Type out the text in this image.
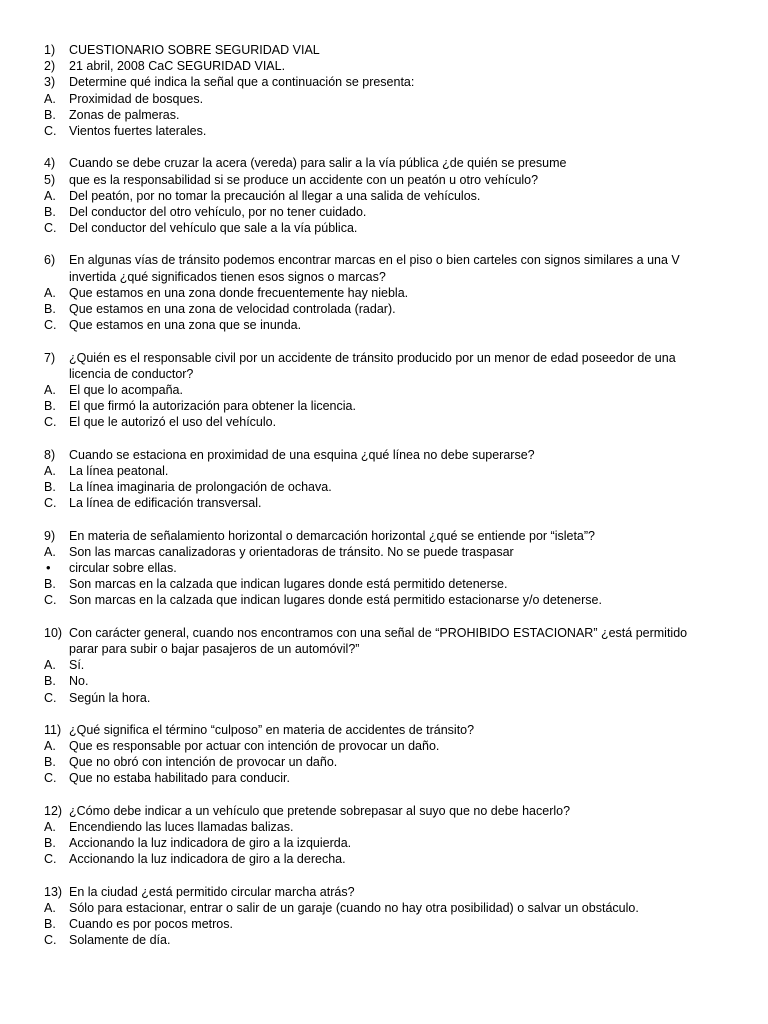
1) CUESTIONARIO SOBRE SEGURIDAD VIAL
2) 21 abril, 2008 CaC SEGURIDAD VIAL.
3) Determine qué indica la señal que a continuación se presenta:
A. Proximidad de bosques.
B. Zonas de palmeras.
C. Vientos fuertes laterales.
4) Cuando se debe cruzar la acera (vereda) para salir a la vía pública ¿de quién se presume
5) que es la responsabilidad si se produce un accidente con un peatón u otro vehículo?
A. Del peatón, por no tomar la precaución al llegar a una salida de vehículos.
B. Del conductor del otro vehículo, por no tener cuidado.
C. Del conductor del vehículo que sale a la vía pública.
6) En algunas vías de tránsito podemos encontrar marcas en el piso o bien carteles con signos similares a una V
invertida ¿qué significados tienen esos signos o marcas?
A. Que estamos en una zona donde frecuentemente hay niebla.
B. Que estamos en una zona de velocidad controlada (radar).
C. Que estamos en una zona que se inunda.
7) ¿Quién es el responsable civil por un accidente de tránsito producido por un menor de edad poseedor de una
licencia de conductor?
A. El que lo acompaña.
B. El que firmó la autorización para obtener la licencia.
C. El que le autorizó el uso del vehículo.
8) Cuando se estaciona en proximidad de una esquina ¿qué línea no debe superarse?
A. La línea peatonal.
B. La línea imaginaria de prolongación de ochava.
C. La línea de edificación transversal.
9) En materia de señalamiento horizontal o demarcación horizontal ¿qué se entiende por “isleta”?
A. Son las marcas canalizadoras y orientadoras de tránsito. No se puede traspasar
• circular sobre ellas.
B. Son marcas en la calzada que indican lugares donde está permitido detenerse.
C. Son marcas en la calzada que indican lugares donde está permitido estacionarse y/o detenerse.
10) Con carácter general, cuando nos encontramos con una señal de “PROHIBIDO ESTACIONAR” ¿está permitido
parar para subir o bajar pasajeros de un automóvil?”
A. Sí.
B. No.
C. Según la hora.
11) ¿Qué significa el término “culposo” en materia de accidentes de tránsito?
A. Que es responsable por actuar con intención de provocar un daño.
B. Que no obró con intención de provocar un daño.
C. Que no estaba habilitado para conducir.
12) ¿Cómo debe indicar a un vehículo que pretende sobrepasar al suyo que no debe hacerlo?
A. Encendiendo las luces llamadas balizas.
B. Accionando la luz indicadora de giro a la izquierda.
C. Accionando la luz indicadora de giro a la derecha.
13) En la ciudad ¿está permitido circular marcha atrás?
A. Sólo para estacionar, entrar o salir de un garaje (cuando no hay otra posibilidad) o salvar un obstáculo.
B. Cuando es por pocos metros.
C. Solamente de día.
